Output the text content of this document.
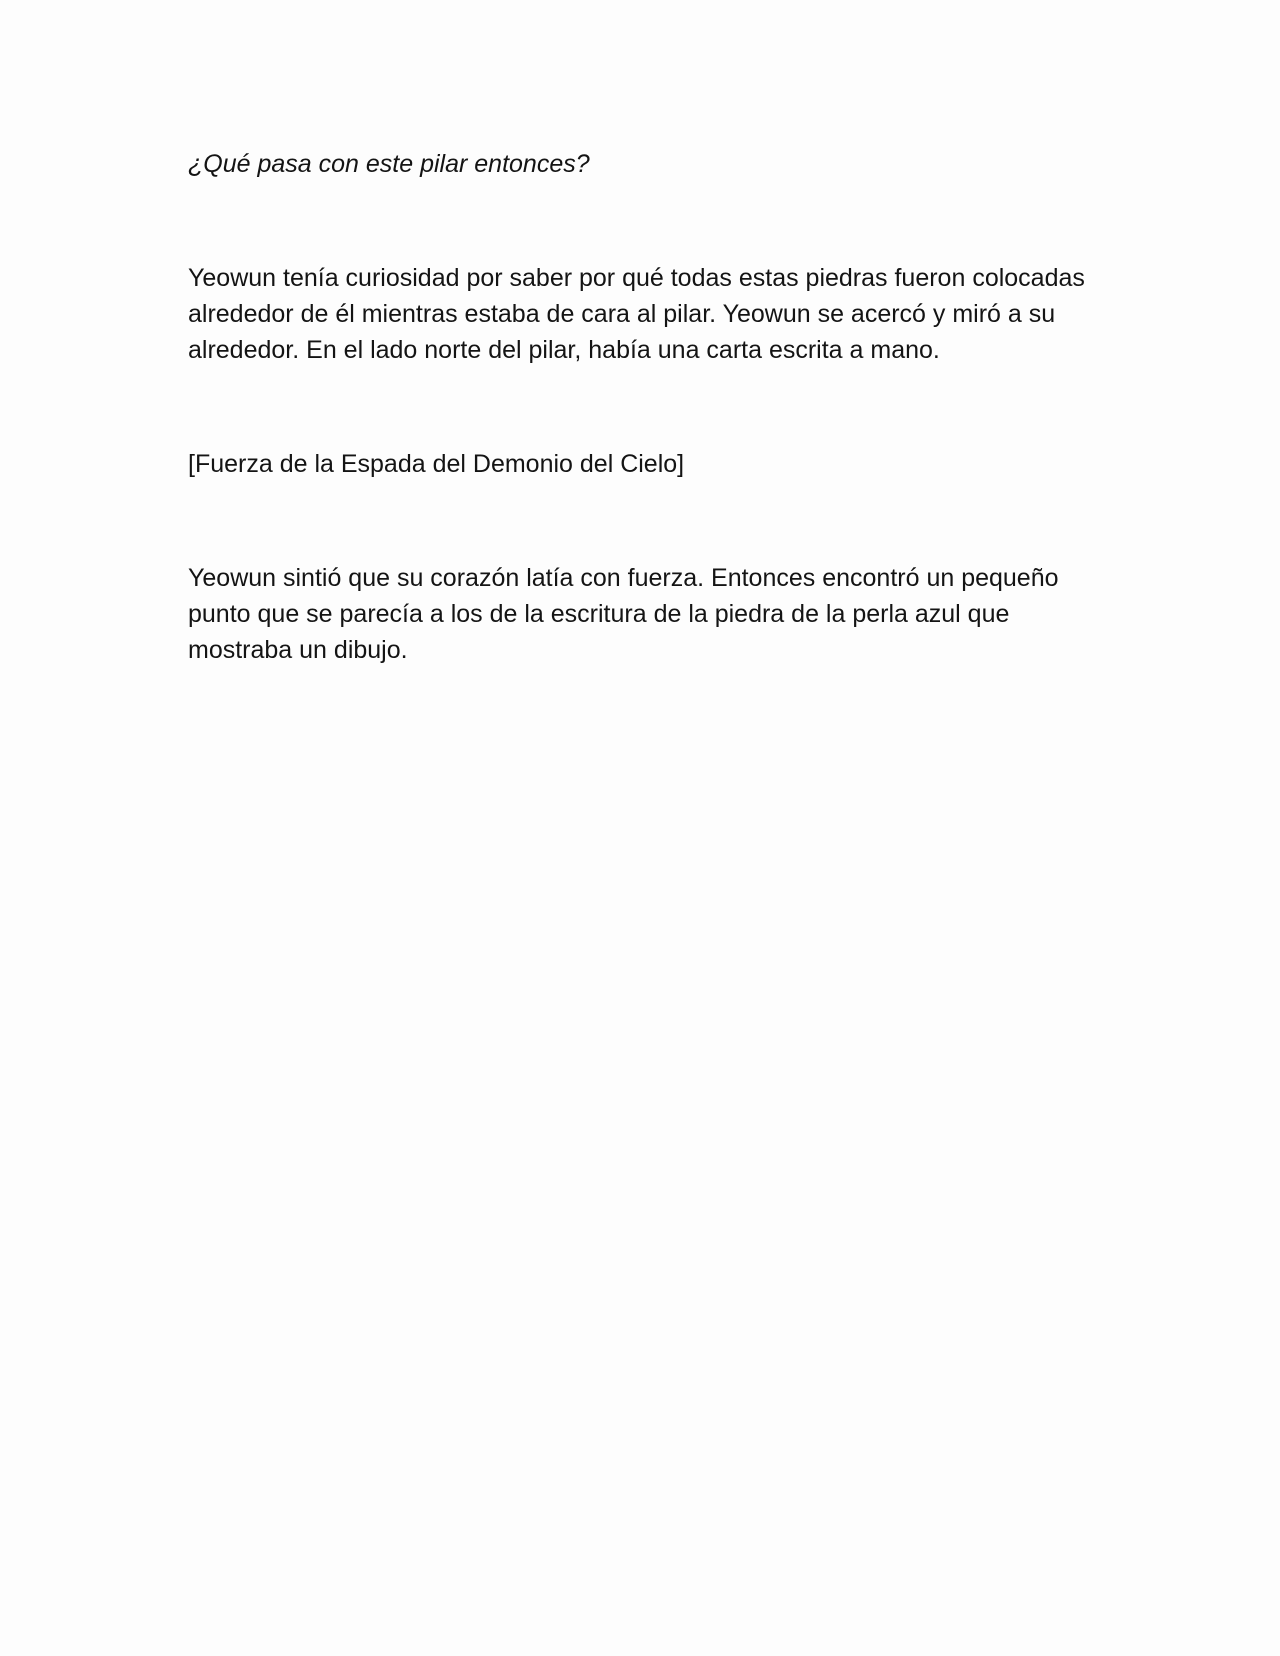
¿Qué pasa con este pilar entonces?

Yeowun tenía curiosidad por saber por qué todas estas piedras fueron colocadas alrededor de él mientras estaba de cara al pilar. Yeowun se acercó y miró a su alrededor. En el lado norte del pilar, había una carta escrita a mano.

[Fuerza de la Espada del Demonio del Cielo]

Yeowun sintió que su corazón latía con fuerza. Entonces encontró un pequeño punto que se parecía a los de la escritura de la piedra de la perla azul que mostraba un dibujo.
